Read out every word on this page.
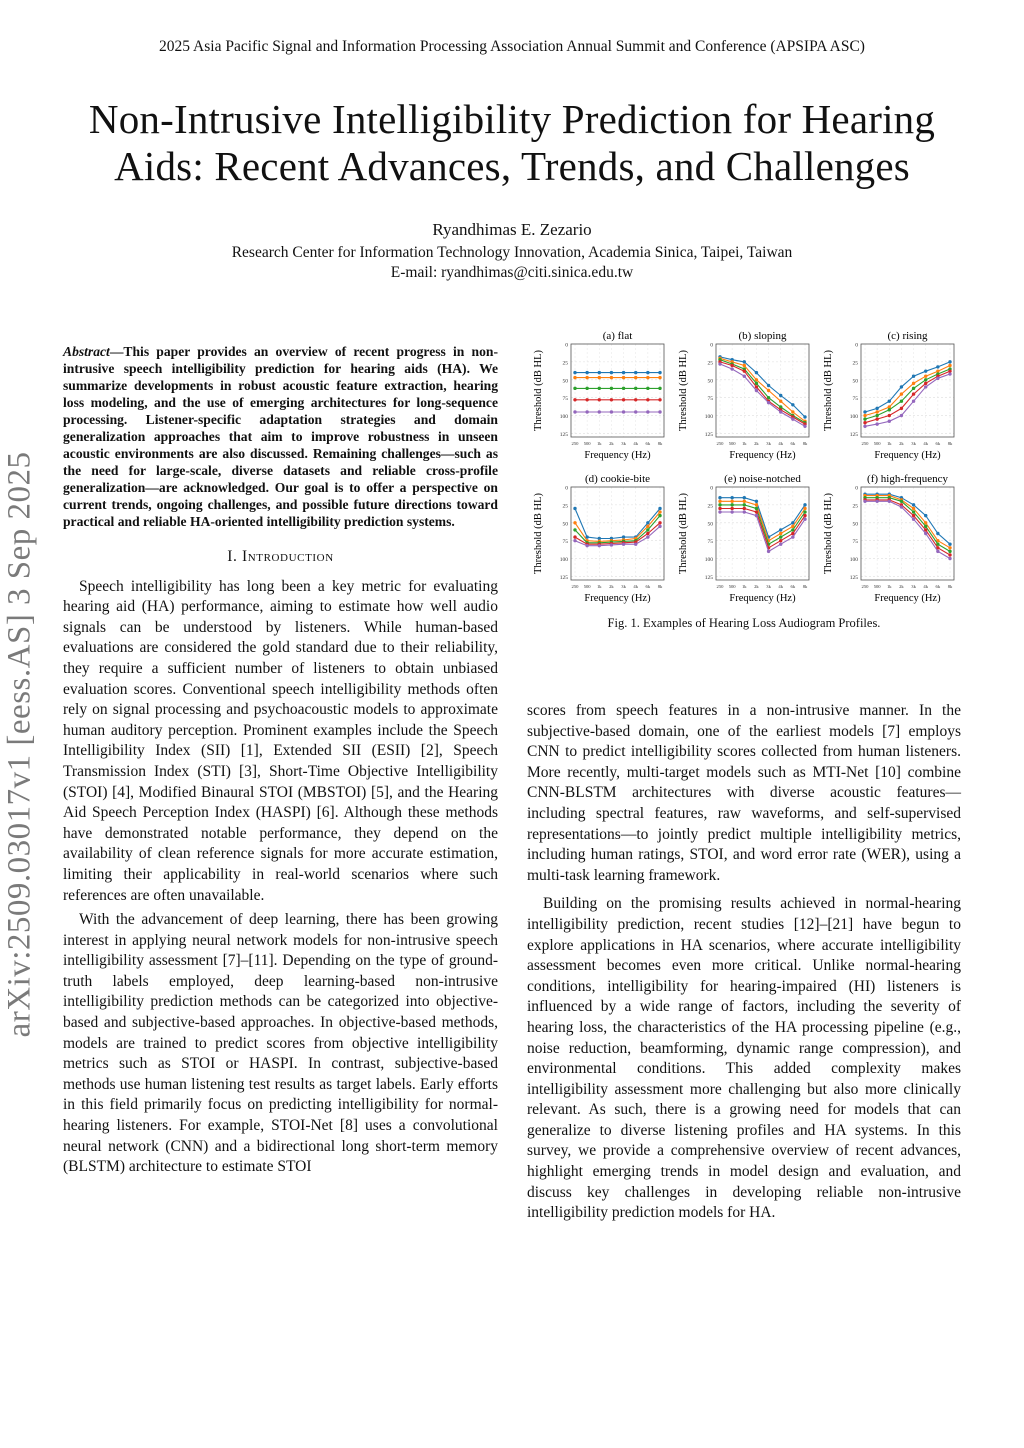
2025 Asia Pacific Signal and Information Processing Association Annual Summit and Conference (APSIPA ASC)
Non-Intrusive Intelligibility Prediction for Hearing
Aids: Recent Advances, Trends, and Challenges
Ryandhimas E. Zezario
Research Center for Information Technology Innovation, Academia Sinica, Taipei, Taiwan
E-mail: ryandhimas@citi.sinica.edu.tw
arXiv:2509.03017v1 [eess.AS] 3 Sep 2025

Abstract—This paper provides an overview of recent progress in non-intrusive speech intelligibility prediction for hearing aids (HA). We summarize developments in robust acoustic feature extraction, hearing loss modeling, and the use of emerging architectures for long-sequence processing. Listener-specific adaptation strategies and domain generalization approaches that aim to improve robustness in unseen acoustic environments are also discussed. Remaining challenges—such as the need for large-scale, diverse datasets and reliable cross-profile generalization—are acknowledged. Our goal is to offer a perspective on current trends, ongoing challenges, and possible future directions toward practical and reliable HA-oriented intelligibility prediction systems.

I. Introduction

Speech intelligibility has long been a key metric for evaluating hearing aid (HA) performance, aiming to estimate how well audio signals can be understood by listeners. While human-based evaluations are considered the gold standard due to their reliability, they require a sufficient number of listeners to obtain unbiased evaluation scores. Conventional speech intelligibility methods often rely on signal processing and psychoacoustic models to approximate human auditory perception. Prominent examples include the Speech Intelligibility Index (SII) [1], Extended SII (ESII) [2], Speech Transmission Index (STI) [3], Short-Time Objective Intelligibility (STOI) [4], Modified Binaural STOI (MBSTOI) [5], and the Hearing Aid Speech Perception Index (HASPI) [6]. Although these methods have demonstrated notable performance, they depend on the availability of clean reference signals for more accurate estimation, limiting their applicability in real-world scenarios where such references are often unavailable.

With the advancement of deep learning, there has been growing interest in applying neural network models for non-intrusive speech intelligibility assessment [7]–[11]. Depending on the type of ground-truth labels employed, deep learning-based non-intrusive intelligibility prediction methods can be categorized into objective-based and subjective-based approaches. In objective-based methods, models are trained to predict scores from objective intelligibility metrics such as STOI or HASPI. In contrast, subjective-based methods use human listening test results as target labels. Early efforts in this field primarily focus on predicting intelligibility for normal-hearing listeners. For example, STOI-Net [8] uses a convolutional neural network (CNN) and a bidirectional long short-term memory (BLSTM) architecture to estimate STOI

(a) flat
0
25
50
75
100
125
250 500 1k 2k 3k 4k 6k 8k
Frequency (Hz)
Threshold (dB HL)
(b) sloping
0
25
50
75
100
125
250 500 1k 2k 3k 4k 6k 8k
Frequency (Hz)
Threshold (dB HL)
(c) rising
0
25
50
75
100
125
250 500 1k 2k 3k 4k 6k 8k
Frequency (Hz)
Threshold (dB HL)
(d) cookie-bite
0
25
50
75
100
125
250 500 1k 2k 3k 4k 6k 8k
Frequency (Hz)
Threshold (dB HL)
(e) noise-notched
0
25
50
75
100
125
250 500 1k 2k 3k 4k 6k 8k
Frequency (Hz)
Threshold (dB HL)
(f) high-frequency
0
25
50
75
100
125
250 500 1k 2k 3k 4k 6k 8k
Frequency (Hz)
Threshold (dB HL)
Fig. 1. Examples of Hearing Loss Audiogram Profiles.

scores from speech features in a non-intrusive manner. In the subjective-based domain, one of the earliest models [7] employs CNN to predict intelligibility scores collected from human listeners. More recently, multi-target models such as MTI-Net [10] combine CNN-BLSTM architectures with diverse acoustic features—including spectral features, raw waveforms, and self-supervised representations—to jointly predict multiple intelligibility metrics, including human ratings, STOI, and word error rate (WER), using a multi-task learning framework.

Building on the promising results achieved in normal-hearing intelligibility prediction, recent studies [12]–[21] have begun to explore applications in HA scenarios, where accurate intelligibility assessment becomes even more critical. Unlike normal-hearing conditions, intelligibility for hearing-impaired (HI) listeners is influenced by a wide range of factors, including the severity of hearing loss, the characteristics of the HA processing pipeline (e.g., noise reduction, beamforming, dynamic range compression), and environmental conditions. This added complexity makes intelligibility assessment more challenging but also more clinically relevant. As such, there is a growing need for models that can generalize to diverse listening profiles and HA systems. In this survey, we provide a comprehensive overview of recent advances, highlight emerging trends in model design and evaluation, and discuss key challenges in developing reliable non-intrusive intelligibility prediction models for HA.
